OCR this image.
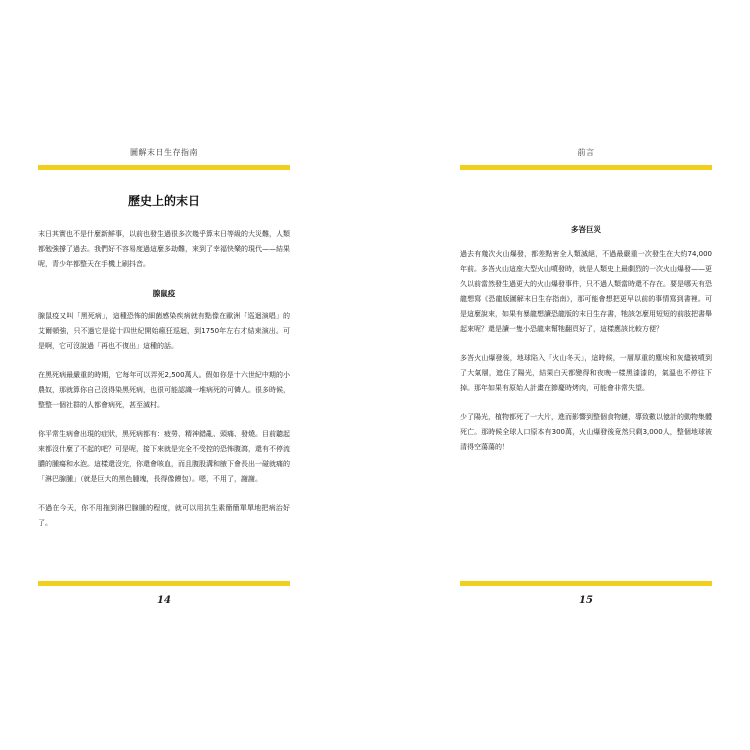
圖解末日生存指南
歷史上的末日

末日其實也不是什麼新鮮事，以前也發生過很多次幾乎算末日等級的大災難，人類都勉強撐了過去。我們好不容易度過這麼多劫難，來到了幸福快樂的現代——結果呢，青少年都整天在手機上刷抖音。

腺鼠疫

腺鼠疫又叫「黑死病」，這種恐怖的細菌感染疾病就有點像在歐洲「巡迴演唱」的艾爾頓強，只不過它是從十四世紀開始瘋狂巡迴，到1750年左右才結束演出。可是啊，它可沒說過「再也不復出」這種的話。

在黑死病最嚴重的時期，它每年可以弄死2,500萬人。假如你是十六世紀中期的小農奴，那就算你自己沒得染黑死病，也很可能認識一堆病死的可憐人。很多時候，整整一個社群的人都會病死，甚至滅村。

你平常生病會出現的症狀，黑死病都有：疲勞、精神錯亂、頭痛、發燒。目前聽起來都沒什麼了不起的吧？可是呢，接下來就是完全不受控的恐怖腹瀉，還有不停流膿的腫瘍和水泡。這樣還沒完，你還會咳血，而且腹股溝和腋下會長出一碰就痛的「淋巴腺腫」（就是巨大的黑色腫塊，長得像饅包）。嗯，不用了，謝謝。

不過在今天，你不用拖到淋巴腺腫的程度，就可以用抗生素簡簡單單地把病治好了。

14
前言
多峇巨災

過去有幾次火山爆發，都差點害全人類滅絕，不過最嚴重一次發生在大約74,000年前。多峇火山這座大型火山噴發時，就是人類史上最劇烈的一次火山爆發——更久以前當然發生過更大的火山爆發事件，只不過人類當時還不存在。要是哪天有恐龍想寫《恐龍版圖解末日生存指南》，那可能會想把更早以前的事情寫到書裡。可是這麼說來，如果有暴龍想讀恐龍版的末日生存書，牠該怎麼用短短的前肢把書舉起來呢？還是讀一隻小恐龍來幫牠翻頁好了，這樣應該比較方便？

多峇火山爆發後，地球陷入「火山冬天」，這時候，一層厚重的塵埃和灰燼被噴到了大氣層，遮住了陽光，結果白天都變得和夜晚一樣黑漆漆的，氣溫也不停往下掉。那年如果有原始人計畫在節慶時烤肉，可能會非常失望。

少了陽光，植物都死了一大片，進而影響到整個食物鏈，導致數以億計的動物集體死亡。那時候全球人口原本有300萬，火山爆發後竟然只剩3,000人，整個地球被清得空蕩蕩的！

15
